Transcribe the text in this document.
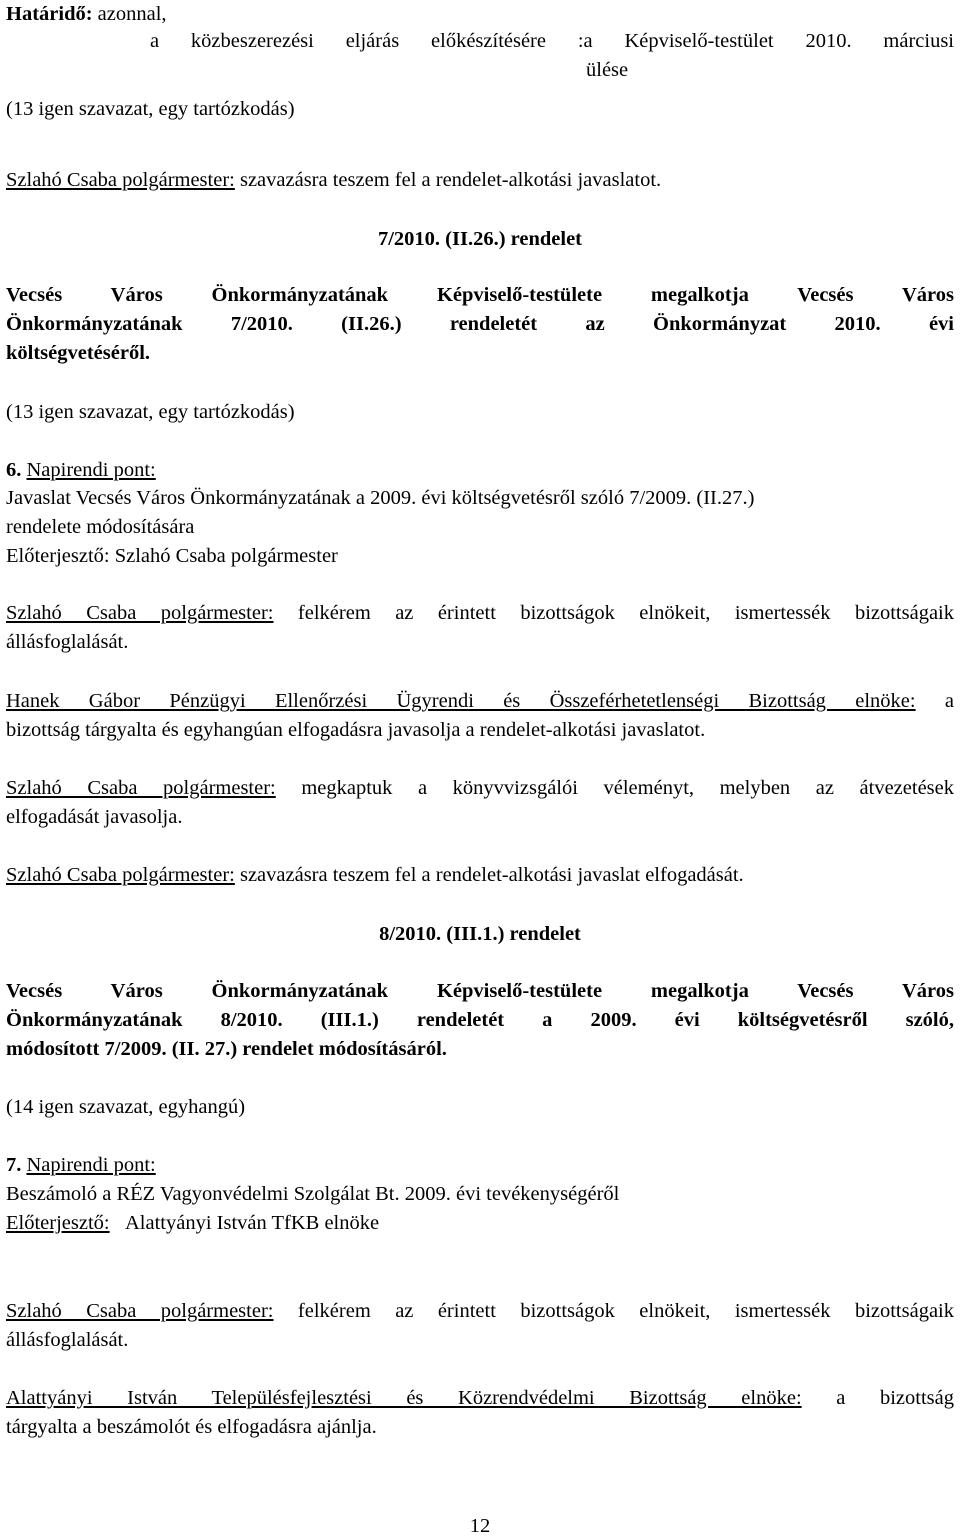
Határidő: azonnal,
a közbeszerezési eljárás előkészítésére :a Képviselő-testület 2010. márciusi
ülése
(13 igen szavazat, egy tartózkodás)
Szlahó Csaba polgármester: szavazásra teszem fel a rendelet-alkotási javaslatot.
7/2010. (II.26.) rendelet
Vecsés Város Önkormányzatának Képviselő-testülete megalkotja Vecsés Város
Önkormányzatának 7/2010. (II.26.) rendeletét az Önkormányzat 2010. évi
költségvetéséről.
(13 igen szavazat, egy tartózkodás)
6. Napirendi pont:
Javaslat Vecsés Város Önkormányzatának a 2009. évi költségvetésről szóló 7/2009. (II.27.)
rendelete módosítására
Előterjesztő: Szlahó Csaba polgármester
Szlahó Csaba polgármester: felkérem az érintett bizottságok elnökeit, ismertessék bizottságaik
állásfoglalását.
Hanek Gábor Pénzügyi Ellenőrzési Ügyrendi és Összeférhetetlenségi Bizottság elnöke: a
bizottság tárgyalta és egyhangúan elfogadásra javasolja a rendelet-alkotási javaslatot.
Szlahó Csaba polgármester: megkaptuk a könyvvizsgálói véleményt, melyben az átvezetések
elfogadását javasolja.
Szlahó Csaba polgármester: szavazásra teszem fel a rendelet-alkotási javaslat elfogadását.
8/2010. (III.1.) rendelet
Vecsés Város Önkormányzatának Képviselő-testülete megalkotja Vecsés Város
Önkormányzatának 8/2010. (III.1.) rendeletét a 2009. évi költségvetésről szóló,
módosított 7/2009. (II. 27.) rendelet módosításáról.
(14 igen szavazat, egyhangú)
7. Napirendi pont:
Beszámoló a RÉZ Vagyonvédelmi Szolgálat Bt. 2009. évi tevékenységéről
Előterjesztő: Alattyányi István TfKB elnöke
Szlahó Csaba polgármester: felkérem az érintett bizottságok elnökeit, ismertessék bizottságaik
állásfoglalását.
Alattyányi István Településfejlesztési és Közrendvédelmi Bizottság elnöke: a bizottság
tárgyalta a beszámolót és elfogadásra ajánlja.
12
